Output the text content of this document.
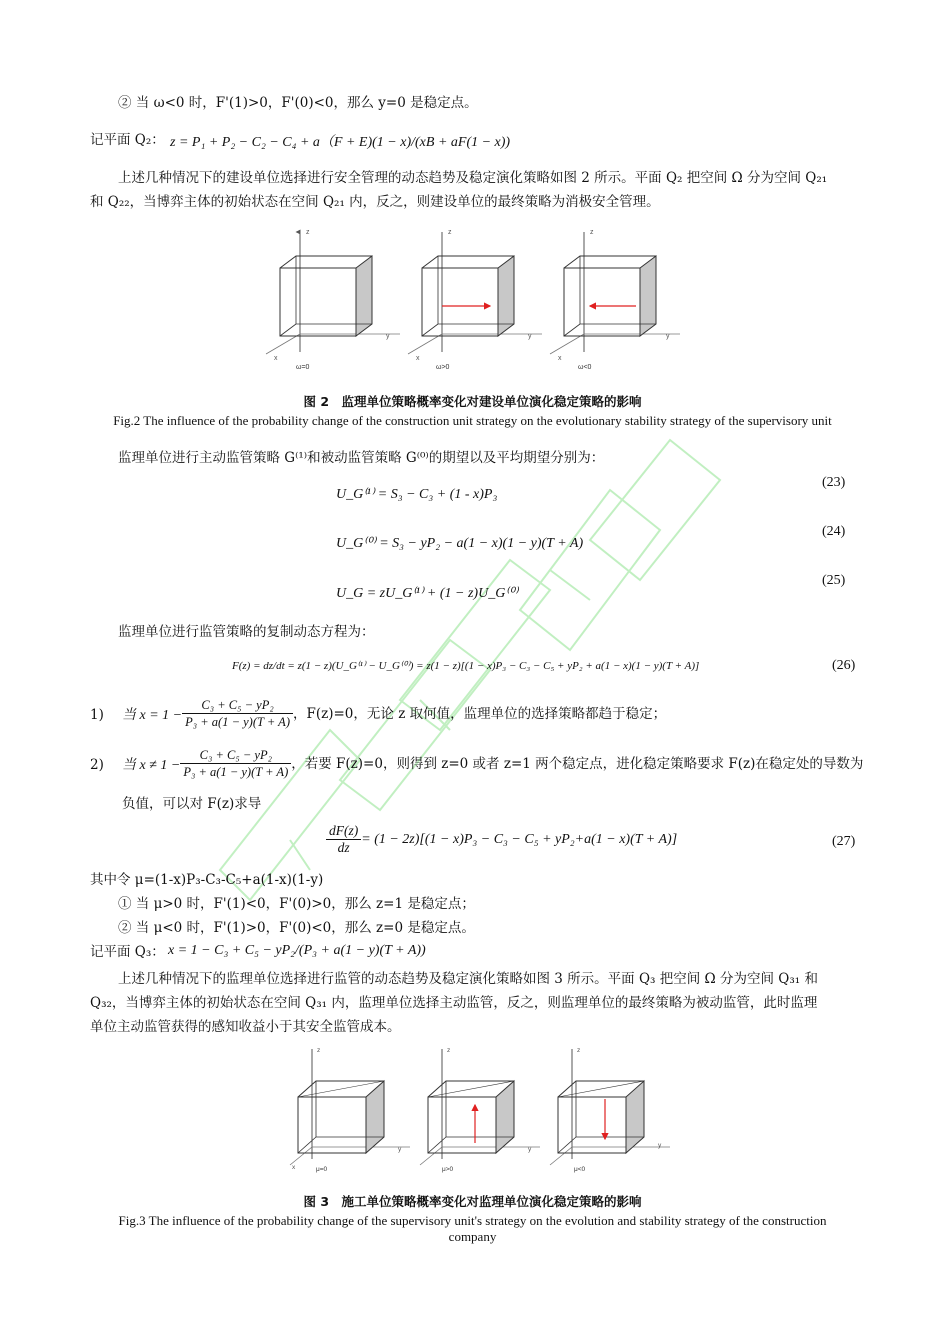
② 当 ω<0 时，F'(1)>0，F'(0)<0，那么 y=0 是稳定点。
记平面 Q₂： z = P₁ + P₂ − C₂ − C₄ + a（F + E)(1 − x)/(xB + aF(1 − x))
上述几种情况下的建设单位选择进行安全管理的动态趋势及稳定演化策略如图 2 所示。平面 Q₂ 把空间 Ω 分为空间 Q₂₁
和 Q₂₂，当博弈主体的初始状态在空间 Q₂₁ 内，反之，则建设单位的最终策略为消极安全管理。
z	z	z
x	x	x
y	y	y
ω=0	ω>0	ω<0
图 2　监理单位策略概率变化对建设单位演化稳定策略的影响
Fig.2 The influence of the probability change of the construction unit strategy on the evolutionary stability strategy of the supervisory unit
监理单位进行主动监管策略 G⁽¹⁾和被动监管策略 G⁽⁰⁾的期望以及平均期望分别为：
U_G⁽¹⁾ = S₃ − C₃ + (1 - x)P₃
(23)
U_G⁽⁰⁾ = S₃ − yP₂ − a(1 − x)(1 − y)(T + A)
(24)
U_G = zU_G⁽¹⁾ + (1 − z)U_G⁽⁰⁾
(25)
监理单位进行监管策略的复制动态方程为：
F(z) = dz/dt = z(1 − z)(U_G⁽¹⁾ − U_G⁽⁰⁾) = z(1 − z)[(1 − x)P₃ − C₃ − C₅ + yP₂ + a(1 − x)(1 − y)(T + A)]	(26)
1) 当 $x = 1 - \frac{\text{C₃ + C₅ − yP₂}}{\text{P₃ + a(1 − y)(T + A)}}$ ，F(z)=0，无论 z 取何值，监理单位的选择策略都趋于稳定；
2) 当 $x \ne 1 - \frac{\text{C₃ + C₅ − yP₂}}{\text{P₃ + a(1 − y)(T + A)}}$ ，若要 F(z)=0，则得到 z=0 或者 z=1 两个稳定点，进化稳定策略要求 F(z)在稳定处的导数为
负值，可以对 F(z)求导
$\frac{dF(z)}{dz} = (1 - 2z)[(1 - x)P_3 - C_3 - C_5 + yP_2+a(1 - x)(T + A)]$	(27)
其中令 μ=(1-x)P₃-C₃-C₅+a(1-x)(1-y)
① 当 μ>0 时，F'(1)<0，F'(0)>0，那么 z=1 是稳定点；
② 当 μ<0 时，F'(1)>0，F'(0)<0，那么 z=0 是稳定点。
记平面 Q₃： x = 1 − C₃ + C₅ − yP₂/(P₃ + a(1 − y)(T + A))
上述几种情况下的监理单位选择进行监管的动态趋势及稳定演化策略如图 3 所示。平面 Q₃ 把空间 Ω 分为空间 Q₃₁ 和
Q₃₂，当博弈主体的初始状态在空间 Q₃₁ 内，监理单位选择主动监管，反之，则监理单位的最终策略为被动监管，此时监理
单位主动监管获得的感知收益小于其安全监管成本。
z	z	z
x
y	y
y
μ=0	μ>0	μ<0
图 3　施工单位策略概率变化对监理单位演化稳定策略的影响
Fig.3 The influence of the probability change of the supervisory unit's strategy on the evolution and stability strategy of the construction company
